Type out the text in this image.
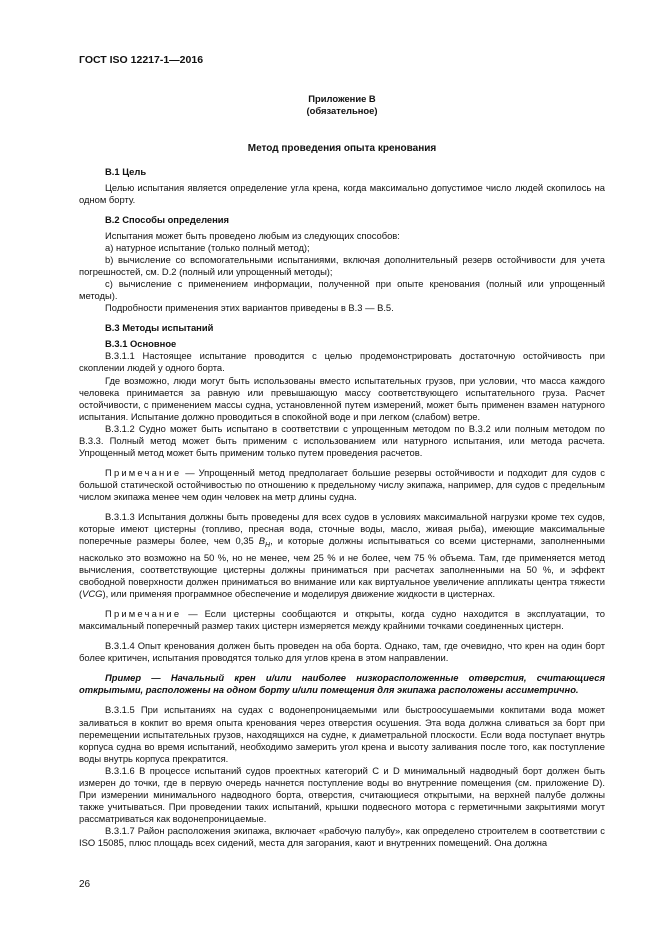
ГОСТ ISO 12217-1—2016
Приложение В
(обязательное)
Метод проведения опыта кренования
В.1 Цель

Целью испытания является определение угла крена, когда максимально допустимое число людей скопилось на одном борту.

В.2 Способы определения

Испытания может быть проведено любым из следующих способов:

а) натурное испытание (только полный метод);

b) вычисление со вспомогательными испытаниями, включая дополнительный резерв остойчивости для учета погрешностей, см. D.2 (полный или упрощенный методы);

с) вычисление с применением информации, полученной при опыте кренования (полный или упрощенный методы).

Подробности применения этих вариантов приведены в В.3 — В.5.

В.3 Методы испытаний
В.3.1 Основное

В.3.1.1 Настоящее испытание проводится с целью продемонстрировать достаточную остойчивость при скоплении людей у одного борта.

Где возможно, люди могут быть использованы вместо испытательных грузов, при условии, что масса каждого человека принимается за равную или превышающую массу соответствующего испытательного груза. Расчет остойчивости, с применением массы судна, установленной путем измерений, может быть применен взамен натурного испытания. Испытание должно проводиться в спокойной воде и при легком (слабом) ветре.

В.3.1.2 Судно может быть испытано в соответствии с упрощенным методом по В.3.2 или полным методом по В.3.3. Полный метод может быть применим с использованием или натурного испытания, или метода расчета. Упрощенный метод может быть применим только путем проведения расчетов.

Примечание — Упрощенный метод предполагает большие резервы остойчивости и подходит для судов с большой статической остойчивостью по отношению к предельному числу экипажа, например, для судов с предельным числом экипажа менее чем один человек на метр длины судна.

В.3.1.3 Испытания должны быть проведены для всех судов в условиях максимальной нагрузки кроме тех судов, которые имеют цистерны (топливо, пресная вода, сточные воды, масло, живая рыба), имеющие максимальные поперечные размеры более, чем 0,35 $B_H$, и которые должны испытываться со всеми цистернами, заполненными насколько это возможно на 50 %, но не менее, чем 25 % и не более, чем 75 % объема. Там, где применяется метод вычисления, соответствующие цистерны должны приниматься при расчетах заполненными на 50 %, и эффект свободной поверхности должен приниматься во внимание или как виртуальное увеличение аппликаты центра тяжести (VCG), или применяя программное обеспечение и моделируя движение жидкости в цистернах.

Примечание — Если цистерны сообщаются и открыты, когда судно находится в эксплуатации, то максимальный поперечный размер таких цистерн измеряется между крайними точками соединенных цистерн.

В.3.1.4 Опыт кренования должен быть проведен на оба борта. Однако, там, где очевидно, что крен на один борт более критичен, испытания проводятся только для углов крена в этом направлении.

Пример — Начальный крен и/или наиболее низкорасположенные отверстия, считающиеся открытыми, расположены на одном борту и/или помещения для экипажа расположены ассиметрично.

В.3.1.5 При испытаниях на судах с водонепроницаемыми или быстроосушаемыми кокпитами вода может заливаться в кокпит во время опыта кренования через отверстия осушения. Эта вода должна сливаться за борт при перемещении испытательных грузов, находящихся на судне, к диаметральной плоскости. Если вода поступает внутрь корпуса судна во время испытаний, необходимо замерить угол крена и высоту заливания после того, как поступление воды внутрь корпуса прекратится.

В.3.1.6 В процессе испытаний судов проектных категорий С и D минимальный надводный борт должен быть измерен до точки, где в первую очередь начнется поступление воды во внутренние помещения (см. приложение D). При измерении минимального надводного борта, отверстия, считающиеся открытыми, на верхней палубе должны также учитываться. При проведении таких испытаний, крышки подвесного мотора с герметичными закрытиями могут рассматриваться как водонепроницаемые.

В.3.1.7 Район расположения экипажа, включает «рабочую палубу», как определено строителем в соответствии с ISO 15085, плюс площадь всех сидений, места для загорания, кают и внутренних помещений. Она должна

26
